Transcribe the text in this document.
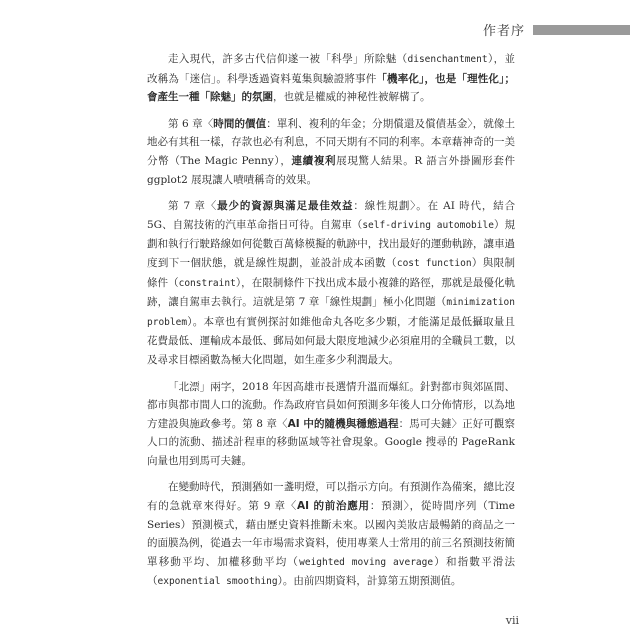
作者序

走入現代，許多古代信仰遂一被「科學」所除魅（disenchantment），並改稱為「迷信」。科學透過資料蒐集與驗證將事件「機率化」，也是「理性化」；會產生一種「除魅」的氛圍，也就是權威的神秘性被解構了。

第 6 章〈時間的價值：單利、複利的年金；分期償還及償債基金〉，就像土地必有其租一樣，存款也必有利息，不同天期有不同的利率。本章藉神奇的一美分幣（The Magic Penny），連續複利展現驚人結果。R 語言外掛圖形套件 ggplot2 展現讓人嘖嘖稱奇的效果。

第 7 章〈最少的資源與滿足最佳效益：線性規劃〉。在 AI 時代，結合 5G、自駕技術的汽車革命指日可待。自駕車（self-driving automobile）規劃和執行行駛路線如何從數百萬條模擬的軌跡中，找出最好的運動軌跡，讓車過度到下一個狀態，就是線性規劃，並設計成本函數（cost function）與限制條件（constraint），在限制條件下找出成本最小複雜的路徑，那就是最優化軌跡，讓自駕車去執行。這就是第 7 章「線性規劃」極小化問題（minimization problem）。本章也有實例探討如維他命丸各吃多少顆，才能滿足最低攝取量且花費最低、運輸成本最低、郵局如何最大限度地減少必須雇用的全職員工數，以及尋求目標函數為極大化問題，如生產多少利潤最大。

「北漂」兩字，2018 年因高雄市長選情升溫而爆紅。針對都市與郊區間、都市與都市間人口的流動。作為政府官員如何預測多年後人口分佈情形，以為地方建設與施政參考。第 8 章〈AI 中的隨機與穩態過程：馬可夫鏈〉正好可觀察人口的流動、描述計程車的移動區域等社會現象。Google 搜尋的 PageRank 向量也用到馬可夫鏈。

在變動時代，預測猶如一盞明燈，可以指示方向。有預測作為備案，總比沒有的急就章來得好。第 9 章〈AI 的前治應用：預測〉，從時間序列（Time Series）預測模式，藉由歷史資料推斷未來。以國內美妝店最暢銷的商品之一的面膜為例，從過去一年市場需求資料，使用專業人士常用的前三名預測技術簡單移動平均、加權移動平均（weighted moving average）和指數平滑法（exponential smoothing）。由前四期資料，計算第五期預測值。

vii
